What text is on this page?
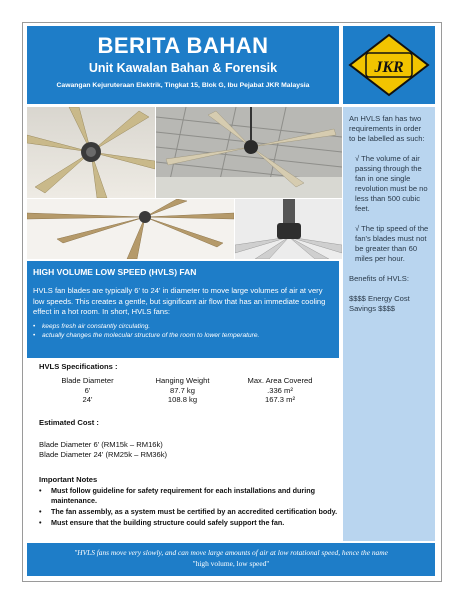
BERITA BAHAN
Unit Kawalan Bahan & Forensik
Cawangan Kejuruteraan Elektrik, Tingkat 15, Blok G, Ibu Pejabat JKR Malaysia
JKR

An HVLS fan has two requirements in order to be labelled as such:

√ The volume of air passing through the fan in one single revolution must be no less than 500 cubic feet.

√ The tip speed of the fan's blades must not be greater than 60 miles per hour.

Benefits of HVLS:

$$$$ Energy Cost Savings $$$$

HIGH VOLUME LOW SPEED (HVLS) FAN
HVLS fan blades are typically 6' to 24' in diameter to move large volumes of air at very low speeds. This creates a gentle, but significant air flow that has an immediate cooling effect in a hot room. In short, HVLS fans:
• keeps fresh air constantly circulating.
• actually changes the molecular structure of the room to lower temperature.
HVLS Specifications :
Blade Diameter	Hanging Weight	Max. Area Covered
6'	87.7 kg	.336 m²
24'	108.8 kg	167.3 m²
Estimated Cost :
Blade Diameter 6' (RM15k – RM16k)
Blade Diameter 24' (RM25k – RM36k)
Important Notes
• Must follow guideline for safety requirement for each installations and during maintenance.
• The fan assembly, as a system must be certified by an accredited certification body.
• Must ensure that the building structure could safely support the fan.
"HVLS fans move very slowly, and can move large amounts of air at low rotational speed, hence the name
"high volume, low speed"
